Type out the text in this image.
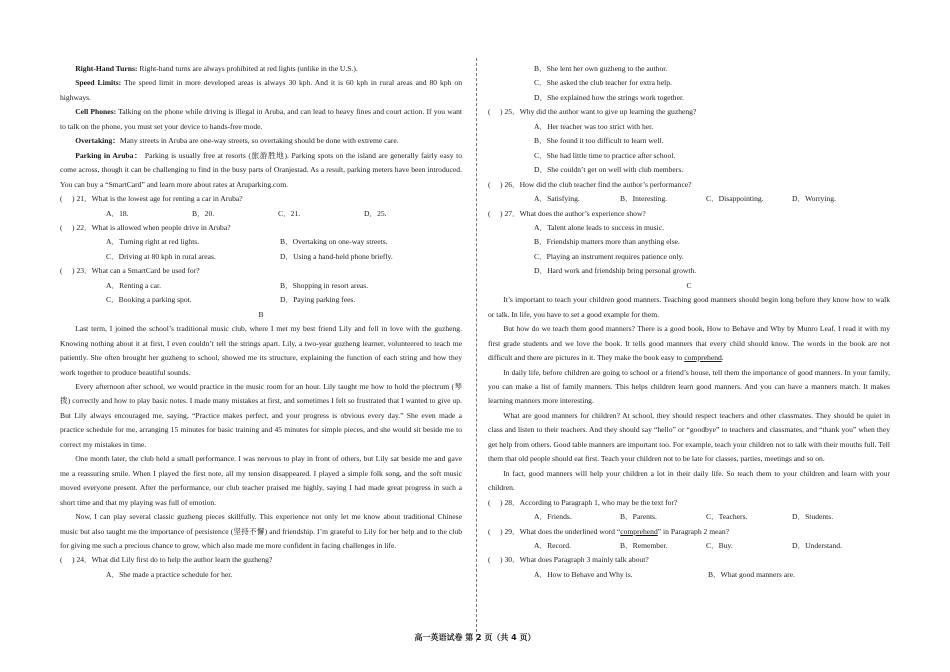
Right-Hand Turns: Right-hand turns are always prohibited at red lights (unlike in the U.S.).

Speed Limits: The speed limit in more developed areas is always 30 kph. And it is 60 kph in rural areas and 80 kph on highways.

Cell Phones: Talking on the phone while driving is illegal in Aruba, and can lead to heavy fines and court action. If you want to talk on the phone, you must set your device to hands-free mode.

Overtaking：Many streets in Aruba are one-way streets, so overtaking should be done with extreme care.

Parking in Aruba： Parking is usually free at resorts (旅游胜地). Parking spots on the island are generally fairly easy to come across, though it can be challenging to find in the busy parts of Oranjestad. As a result, parking meters have been introduced. You can buy a “SmartCard” and learn more about rates at Aruparking.com.

(　 ) 21．What is the lowest age for renting a car in Aruba?
A．18.	B．20.	C．21.	D．25.
(　 ) 22．What is allowed when people drive in Aruba?
A．Turning right at red lights.	B．Overtaking on one-way streets.
C．Driving at 80 kph in rural areas.	D．Using a hand-held phone briefly.
(　 ) 23．What can a SmartCard be used for?
A．Renting a car.	B．Shopping in resort areas.
C．Booking a parking spot.	D．Paying parking fees.
B

Last term, I joined the school’s traditional music club, where I met my best friend Lily and fell in love with the guzheng. Knowing nothing about it at first, I even couldn’t tell the strings apart. Lily, a two-year guzheng learner, volunteered to teach me patiently. She often brought her guzheng to school, showed me its structure, explaining the function of each string and how they work together to produce beautiful sounds.

Every afternoon after school, we would practice in the music room for an hour. Lily taught me how to hold the plectrum (琴拨) correctly and how to play basic notes. I made many mistakes at first, and sometimes I felt so frustrated that I wanted to give up. But Lily always encouraged me, saying, “Practice makes perfect, and your progress is obvious every day.” She even made a practice schedule for me, arranging 15 minutes for basic training and 45 minutes for simple pieces, and she would sit beside me to correct my mistakes in time.

One month later, the club held a small performance. I was nervous to play in front of others, but Lily sat beside me and gave me a reassuring smile. When I played the first note, all my tension disappeared. I played a simple folk song, and the soft music moved everyone present. After the performance, our club teacher praised me highly, saying I had made great progress in such a short time and that my playing was full of emotion.

Now, I can play several classic guzheng pieces skillfully. This experience not only let me know about traditional Chinese music but also taught me the importance of persistence (坚持不懈) and friendship. I’m grateful to Lily for her help and to the club for giving me such a precious chance to grow, which also made me more confident in facing challenges in life.

(　 ) 24．What did Lily first do to help the author learn the guzheng?
A．She made a practice schedule for her.
B．She lent her own guzheng to the author.
C．She asked the club teacher for extra help.
D．She explained how the strings work together.
(　 ) 25．Why did the author want to give up learning the guzheng?
A．Her teacher was too strict with her.
B．She found it too difficult to learn well.
C．She had little time to practice after school.
D．She couldn’t get on well with club members.
(　 ) 26．How did the club teacher find the author’s performance?
A．Satisfying.	B．Interesting.	C．Disappointing.	D．Worrying.
(　 ) 27．What does the author’s experience show?
A．Talent alone leads to success in music.
B．Friendship matters more than anything else.
C．Playing an instrument requires patience only.
D．Hard work and friendship bring personal growth.
C

It’s important to teach your children good manners. Teaching good manners should begin long before they know how to walk or talk. In life, you have to set a good example for them.

But how do we teach them good manners? There is a good book, How to Behave and Why by Munro Leaf. I read it with my first grade students and we love the book. It tells good manners that every child should know. The words in the book are not difficult and there are pictures in it. They make the book easy to comprehend.

In daily life, before children are going to school or a friend’s house, tell them the importance of good manners. In your family, you can make a list of family manners. This helps children learn good manners. And you can have a manners match. It makes learning manners more interesting.

What are good manners for children? At school, they should respect teachers and other classmates. They should be quiet in class and listen to their teachers. And they should say “hello” or “goodbye” to teachers and classmates, and “thank you” when they get help from others. Good table manners are important too. For example, teach your children not to talk with their mouths full. Tell them that old people should eat first. Teach your children not to be late for classes, parties, meetings and so on.

In fact, good manners will help your children a lot in their daily life. So teach them to your children and learn with your children.

(　 ) 28．According to Paragraph 1, who may be the text for?
A．Friends.	B．Parents.	C．Teachers.	D．Students.
(　 ) 29．What does the underlined word “comprehend” in Paragraph 2 mean?
A．Record.	B．Remember.	C．Buy.	D．Understand.
(　 ) 30．What does Paragraph 3 mainly talk about?
A．How to Behave and Why is.	B．What good manners are.
高一英语试卷 第 2 页（共 4 页）
